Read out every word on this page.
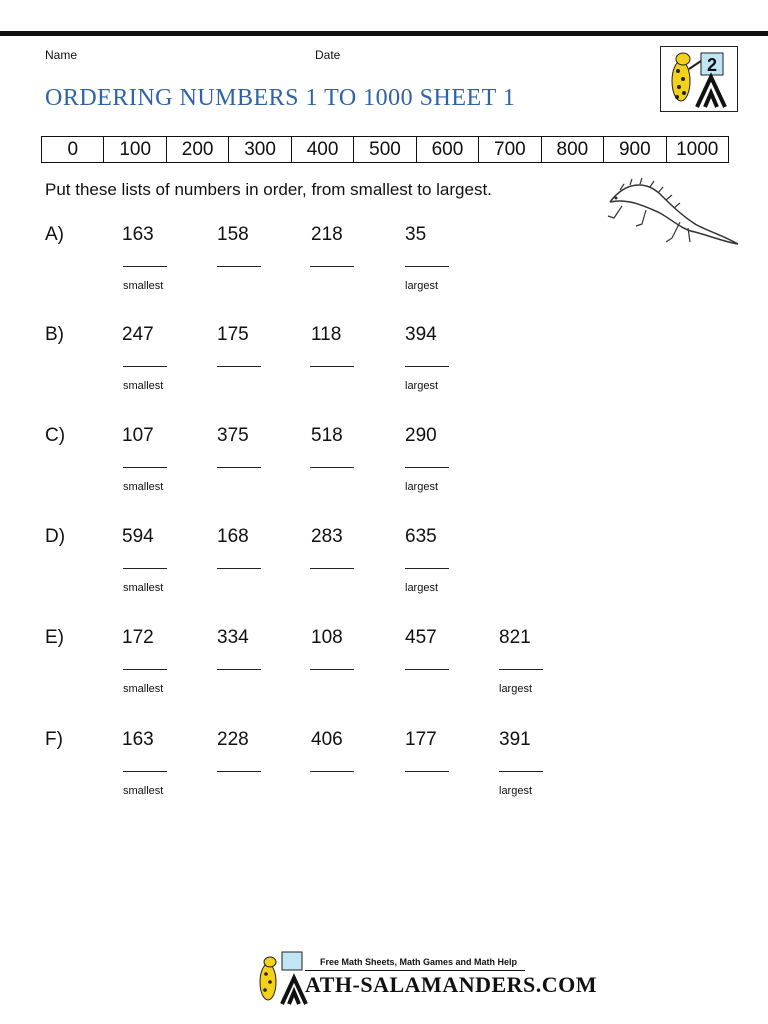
Name	Date
ORDERING NUMBERS 1 TO 1000 SHEET 1
2
0	100	200	300	400	500	600	700	800	900	1000
Put these lists of numbers in order, from smallest to largest.
A)	163	158	218	35
smallest	largest
B)	247	175	118	394
smallest	largest
C)	107	375	518	290
smallest	largest
D)	594	168	283	635
smallest	largest
E)	172	334	108	457	821
smallest	largest
F)	163	228	406	177	391
smallest	largest
Free Math Sheets, Math Games and Math Help
ATH-SALAMANDERS.COM
